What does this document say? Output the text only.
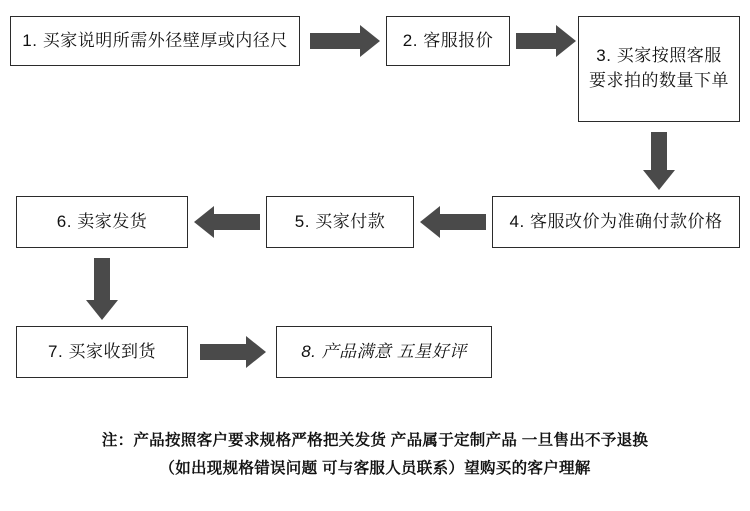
1. 买家说明所需外径壁厚或内径尺	2. 客服报价
3. 买家按照客服要求拍的数量下单
4. 客服改价为准确付款价格
5. 买家付款
6. 卖家发货
7. 买家收到货	8. 产品满意 五星好评
注：产品按照客户要求规格严格把关发货 产品属于定制产品 一旦售出不予退换
（如出现规格错误问题 可与客服人员联系）望购买的客户理解
